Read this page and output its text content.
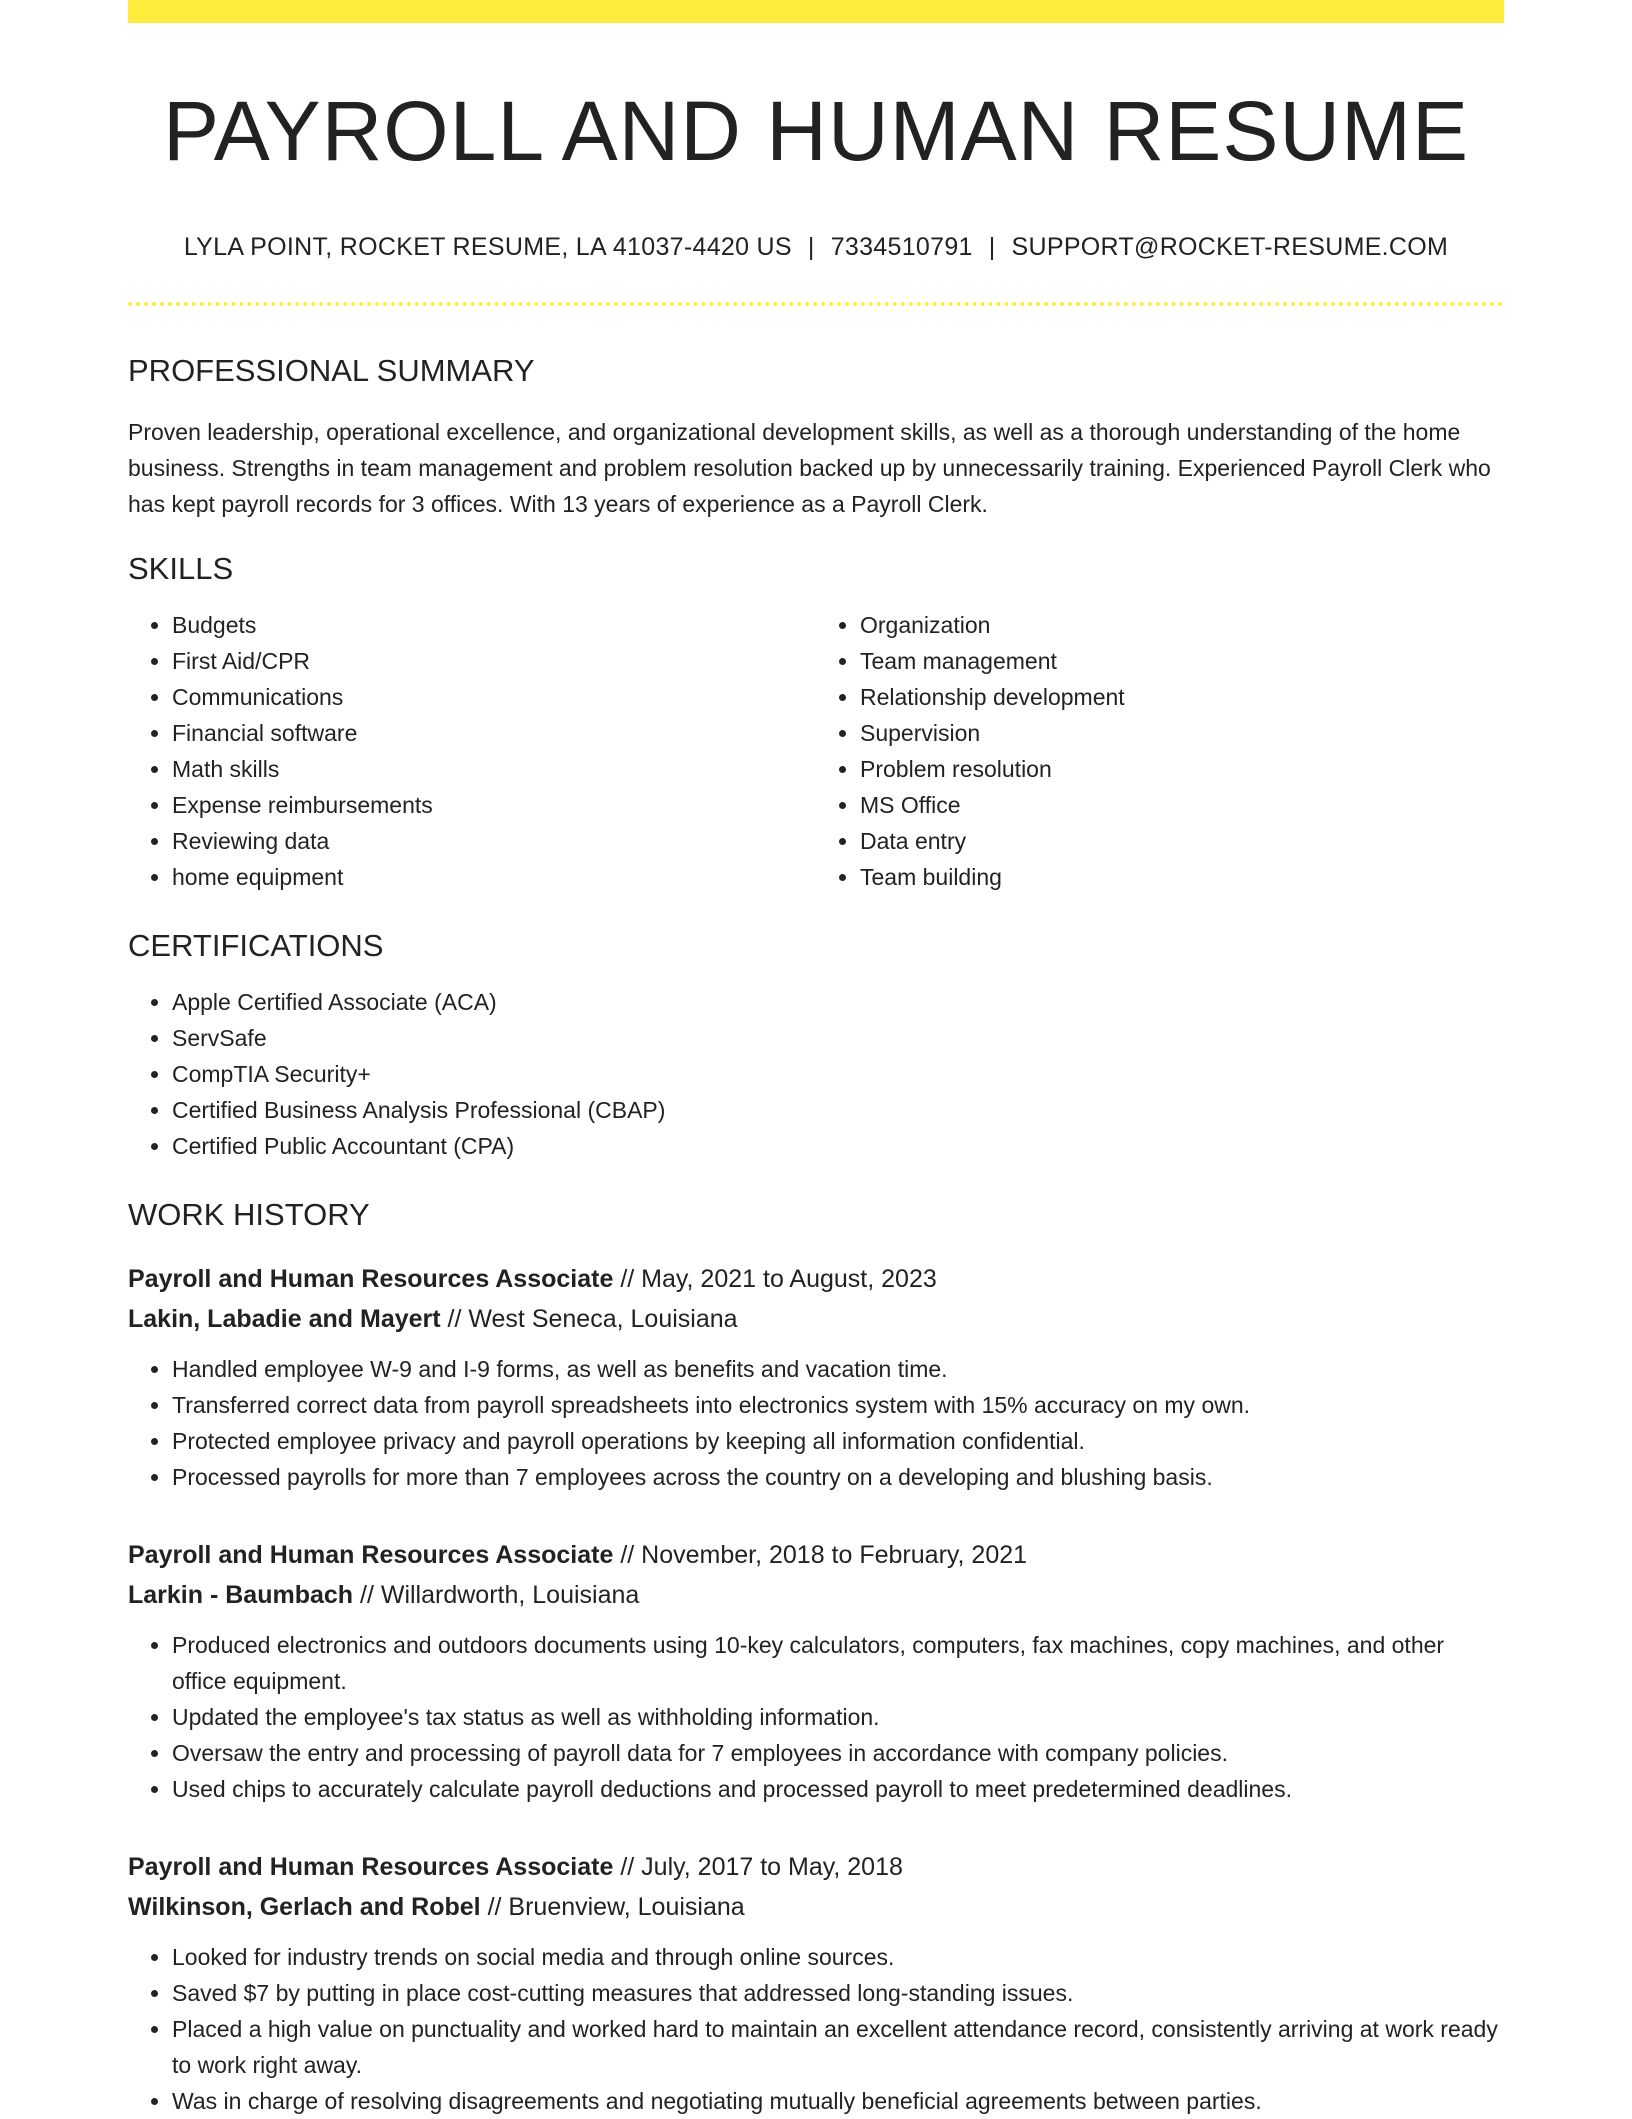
PAYROLL AND HUMAN RESUME
LYLA POINT, ROCKET RESUME, LA 41037-4420 US | 7334510791 | SUPPORT@ROCKET-RESUME.COM
PROFESSIONAL SUMMARY

Proven leadership, operational excellence, and organizational development skills, as well as a thorough understanding of the home business. Strengths in team management and problem resolution backed up by unnecessarily training. Experienced Payroll Clerk who has kept payroll records for 3 offices. With 13 years of experience as a Payroll Clerk.

SKILLS
• Budgets
• First Aid/CPR
• Communications
• Financial software
• Math skills
• Expense reimbursements
• Reviewing data
• home equipment
• Organization
• Team management
• Relationship development
• Supervision
• Problem resolution
• MS Office
• Data entry
• Team building
CERTIFICATIONS
• Apple Certified Associate (ACA)
• ServSafe
• CompTIA Security+
• Certified Business Analysis Professional (CBAP)
• Certified Public Accountant (CPA)
WORK HISTORY
Payroll and Human Resources Associate // May, 2021 to August, 2023
Lakin, Labadie and Mayert // West Seneca, Louisiana
• Handled employee W-9 and I-9 forms, as well as benefits and vacation time.
• Transferred correct data from payroll spreadsheets into electronics system with 15% accuracy on my own.
• Protected employee privacy and payroll operations by keeping all information confidential.
• Processed payrolls for more than 7 employees across the country on a developing and blushing basis.
Payroll and Human Resources Associate // November, 2018 to February, 2021
Larkin - Baumbach // Willardworth, Louisiana
• Produced electronics and outdoors documents using 10-key calculators, computers, fax machines, copy machines, and other office equipment.
• Updated the employee's tax status as well as withholding information.
• Oversaw the entry and processing of payroll data for 7 employees in accordance with company policies.
• Used chips to accurately calculate payroll deductions and processed payroll to meet predetermined deadlines.
Payroll and Human Resources Associate // July, 2017 to May, 2018
Wilkinson, Gerlach and Robel // Bruenview, Louisiana
• Looked for industry trends on social media and through online sources.
• Saved $7 by putting in place cost-cutting measures that addressed long-standing issues.
• Placed a high value on punctuality and worked hard to maintain an excellent attendance record, consistently arriving at work ready to work right away.
• Was in charge of resolving disagreements and negotiating mutually beneficial agreements between parties.
